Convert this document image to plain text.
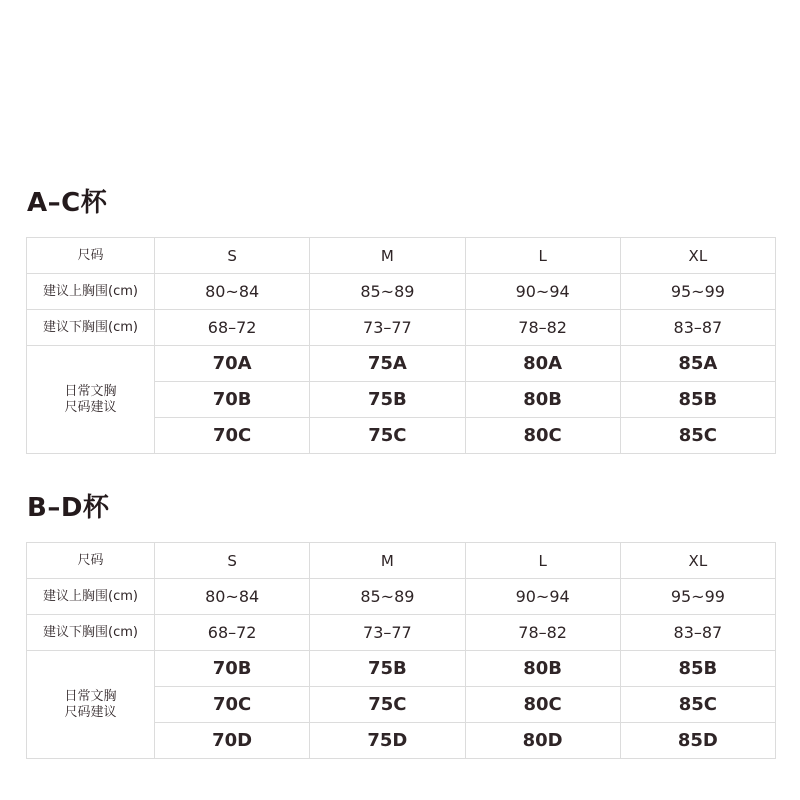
A–C杯
尺码	S	M	L	XL
建议上胸围(cm)	80~84	85~89	90~94	95~99
建议下胸围(cm)	68–72	73–77	78–82	83–87

日常文胸
尺码建议	70A	75A	80A	85A
	70B	75B	80B	85B
	70C	75C	80C	85C
B–D杯
尺码	S	M	L	XL
建议上胸围(cm)	80~84	85~89	90~94	95~99
建议下胸围(cm)	68–72	73–77	78–82	83–87

日常文胸
尺码建议	70B	75B	80B	85B
	70C	75C	80C	85C
	70D	75D	80D	85D
